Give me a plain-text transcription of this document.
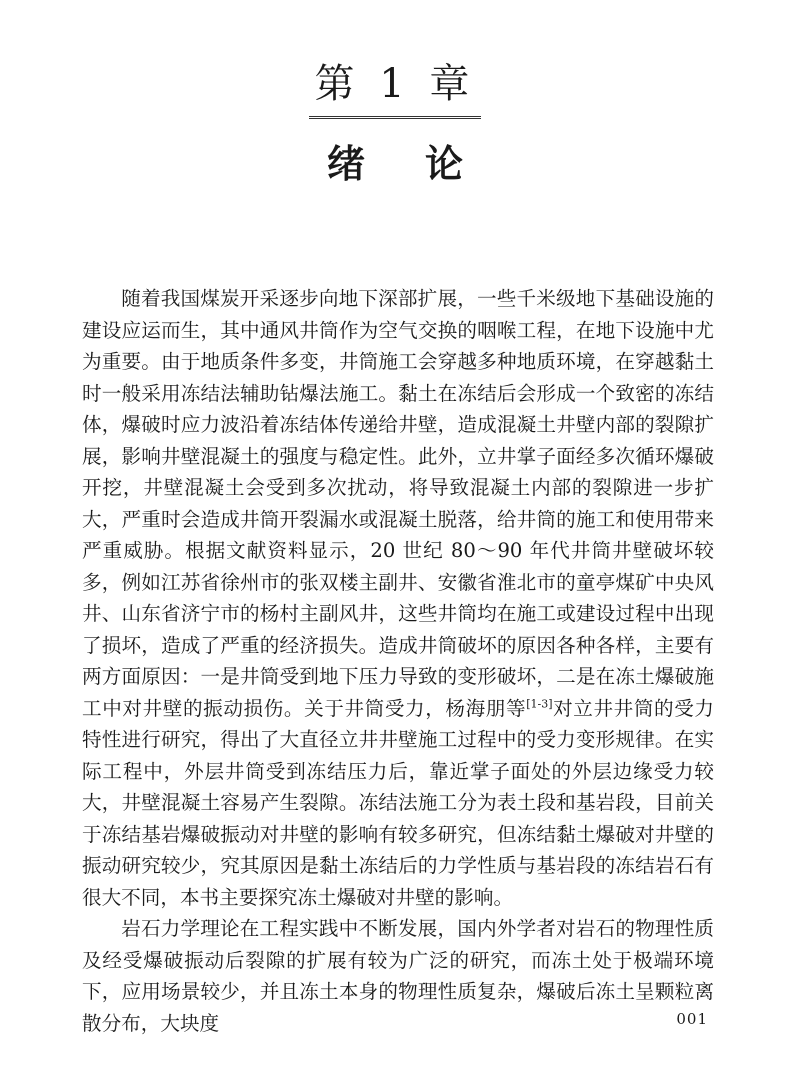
第 1 章
绪论

随着我国煤炭开采逐步向地下深部扩展，一些千米级地下基础设施的建设应运而生，其中通风井筒作为空气交换的咽喉工程，在地下设施中尤为重要。由于地质条件多变，井筒施工会穿越多种地质环境，在穿越黏土时一般采用冻结法辅助钻爆法施工。黏土在冻结后会形成一个致密的冻结体，爆破时应力波沿着冻结体传递给井壁，造成混凝土井壁内部的裂隙扩展，影响井壁混凝土的强度与稳定性。此外，立井掌子面经多次循环爆破开挖，井壁混凝土会受到多次扰动，将导致混凝土内部的裂隙进一步扩大，严重时会造成井筒开裂漏水或混凝土脱落，给井筒的施工和使用带来严重威胁。根据文献资料显示，20 世纪 80～90 年代井筒井壁破坏较多，例如江苏省徐州市的张双楼主副井、安徽省淮北市的童亭煤矿中央风井、山东省济宁市的杨村主副风井，这些井筒均在施工或建设过程中出现了损坏，造成了严重的经济损失。造成井筒破坏的原因各种各样，主要有两方面原因：一是井筒受到地下压力导致的变形破坏，二是在冻土爆破施工中对井壁的振动损伤。关于井筒受力，杨海朋等[1-3]对立井井筒的受力特性进行研究，得出了大直径立井井壁施工过程中的受力变形规律。在实际工程中，外层井筒受到冻结压力后，靠近掌子面处的外层边缘受力较大，井壁混凝土容易产生裂隙。冻结法施工分为表土段和基岩段，目前关于冻结基岩爆破振动对井壁的影响有较多研究，但冻结黏土爆破对井壁的振动研究较少，究其原因是黏土冻结后的力学性质与基岩段的冻结岩石有很大不同，本书主要探究冻土爆破对井壁的影响。

岩石力学理论在工程实践中不断发展，国内外学者对岩石的物理性质及经受爆破振动后裂隙的扩展有较为广泛的研究，而冻土处于极端环境下，应用场景较少，并且冻土本身的物理性质复杂，爆破后冻土呈颗粒离散分布，大块度	001
